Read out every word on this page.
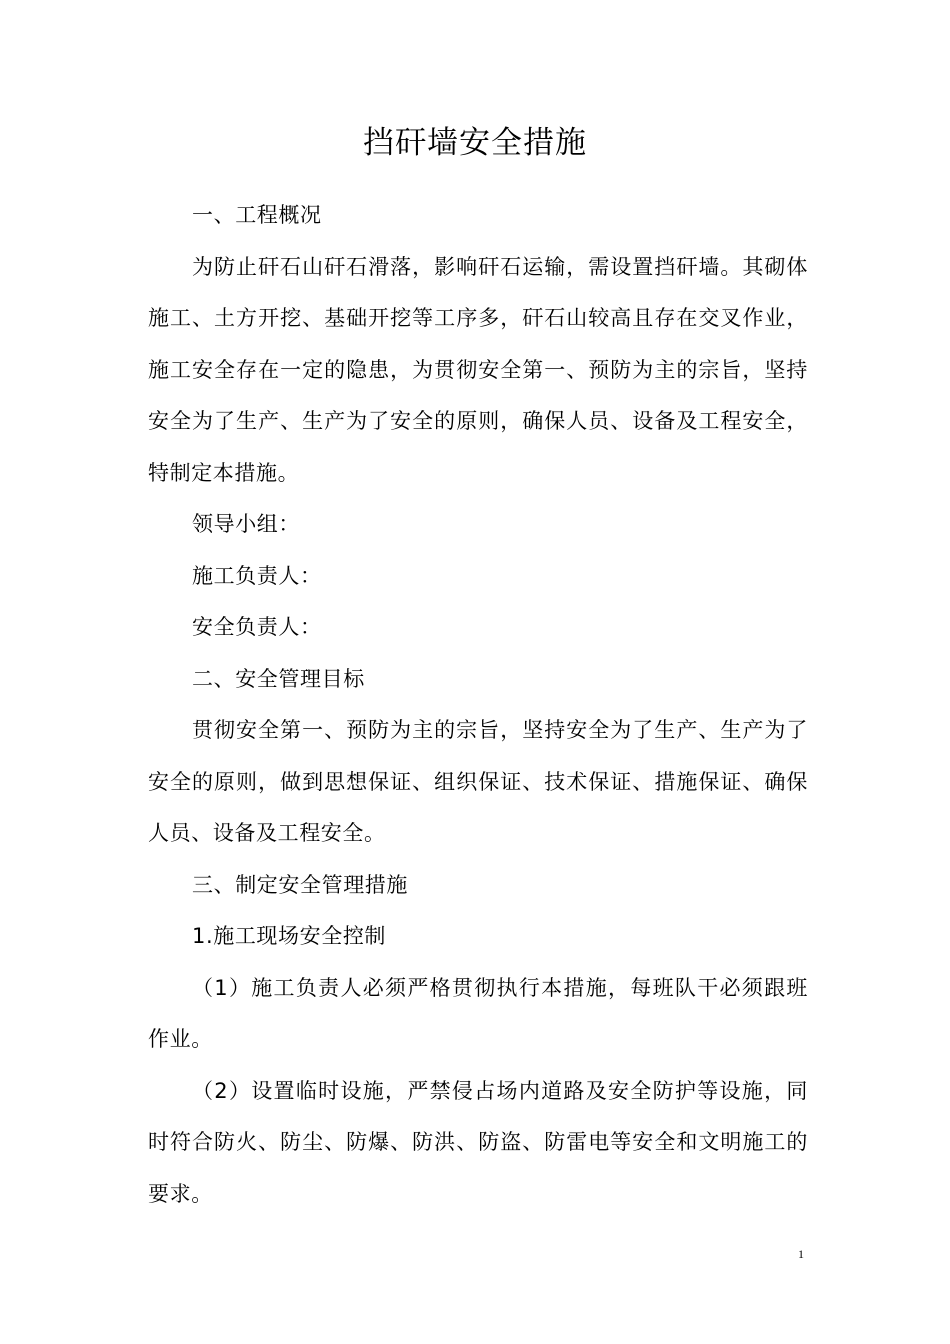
挡矸墙安全措施

一、工程概况

为防止矸石山矸石滑落，影响矸石运输，需设置挡矸墙。其砌体施工、土方开挖、基础开挖等工序多，矸石山较高且存在交叉作业，施工安全存在一定的隐患，为贯彻安全第一、预防为主的宗旨，坚持安全为了生产、生产为了安全的原则，确保人员、设备及工程安全，特制定本措施。

领导小组：

施工负责人：

安全负责人：

二、安全管理目标

贯彻安全第一、预防为主的宗旨，坚持安全为了生产、生产为了安全的原则，做到思想保证、组织保证、技术保证、措施保证、确保人员、设备及工程安全。

三、制定安全管理措施

1.施工现场安全控制

（1）施工负责人必须严格贯彻执行本措施，每班队干必须跟班作业。

（2）设置临时设施，严禁侵占场内道路及安全防护等设施，同时符合防火、防尘、防爆、防洪、防盗、防雷电等安全和文明施工的要求。

1
